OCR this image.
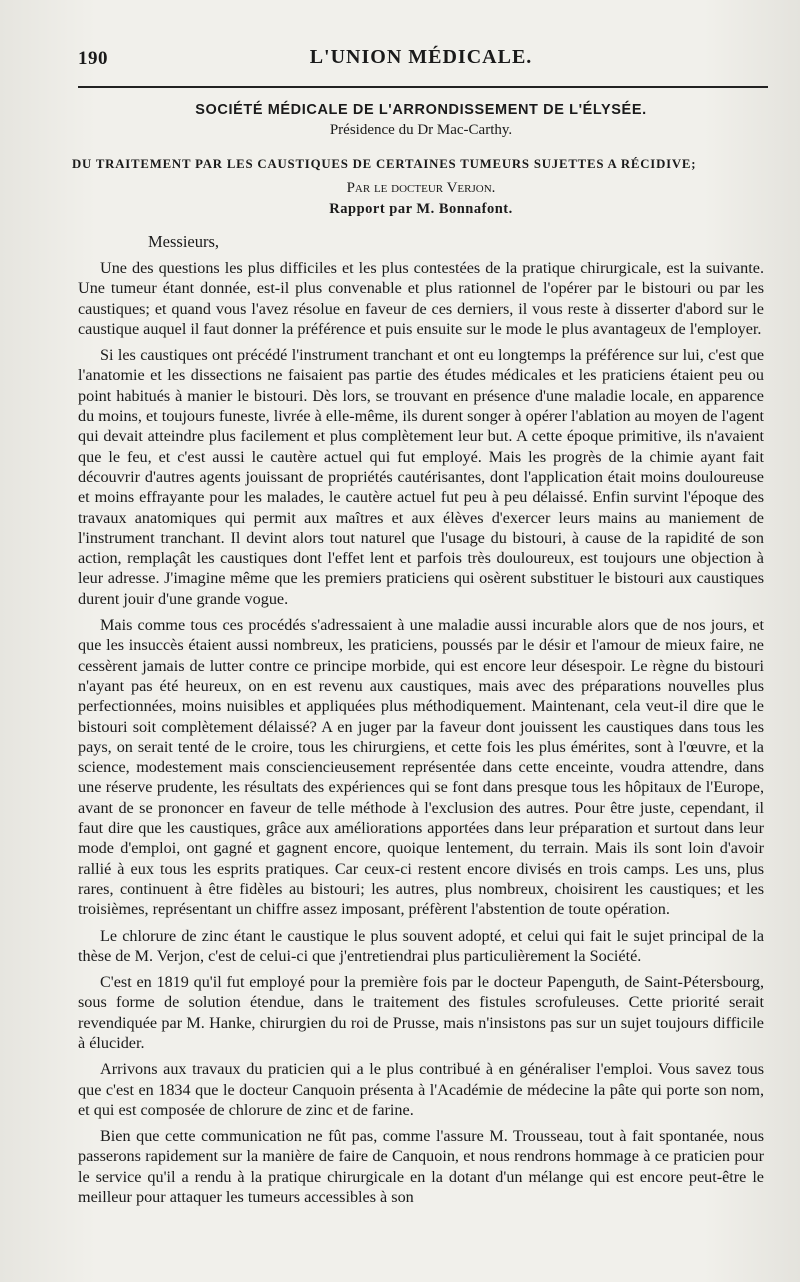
190	L'UNION MÉDICALE.
SOCIÉTÉ MÉDICALE DE L'ARRONDISSEMENT DE L'ÉLYSÉE.
Présidence du Dr Mac-Carthy.
DU TRAITEMENT PAR LES CAUSTIQUES DE CERTAINES TUMEURS SUJETTES A RÉCIDIVE;
Par le docteur Verjon.
Rapport par M. Bonnafont.
Messieurs,

Une des questions les plus difficiles et les plus contestées de la pratique chirurgicale, est la suivante. Une tumeur étant donnée, est-il plus convenable et plus rationnel de l'opérer par le bistouri ou par les caustiques; et quand vous l'avez résolue en faveur de ces derniers, il vous reste à disserter d'abord sur le caustique auquel il faut donner la préférence et puis ensuite sur le mode le plus avantageux de l'employer.

Si les caustiques ont précédé l'instrument tranchant et ont eu longtemps la préférence sur lui, c'est que l'anatomie et les dissections ne faisaient pas partie des études médicales et les praticiens étaient peu ou point habitués à manier le bistouri. Dès lors, se trouvant en présence d'une maladie locale, en apparence du moins, et toujours funeste, livrée à elle-même, ils durent songer à opérer l'ablation au moyen de l'agent qui devait atteindre plus facilement et plus complètement leur but. A cette époque primitive, ils n'avaient que le feu, et c'est aussi le cautère actuel qui fut employé. Mais les progrès de la chimie ayant fait découvrir d'autres agents jouissant de propriétés cautérisantes, dont l'application était moins douloureuse et moins effrayante pour les malades, le cautère actuel fut peu à peu délaissé. Enfin survint l'époque des travaux anatomiques qui permit aux maîtres et aux élèves d'exercer leurs mains au maniement de l'instrument tranchant. Il devint alors tout naturel que l'usage du bistouri, à cause de la rapidité de son action, remplaçât les caustiques dont l'effet lent et parfois très douloureux, est toujours une objection à leur adresse. J'imagine même que les premiers praticiens qui osèrent substituer le bistouri aux caustiques durent jouir d'une grande vogue.

Mais comme tous ces procédés s'adressaient à une maladie aussi incurable alors que de nos jours, et que les insuccès étaient aussi nombreux, les praticiens, poussés par le désir et l'amour de mieux faire, ne cessèrent jamais de lutter contre ce principe morbide, qui est encore leur désespoir. Le règne du bistouri n'ayant pas été heureux, on en est revenu aux caustiques, mais avec des préparations nouvelles plus perfectionnées, moins nuisibles et appliquées plus méthodiquement. Maintenant, cela veut-il dire que le bistouri soit complètement délaissé? A en juger par la faveur dont jouissent les caustiques dans tous les pays, on serait tenté de le croire, tous les chirurgiens, et cette fois les plus émérites, sont à l'œuvre, et la science, modestement mais consciencieusement représentée dans cette enceinte, voudra attendre, dans une réserve prudente, les résultats des expériences qui se font dans presque tous les hôpitaux de l'Europe, avant de se prononcer en faveur de telle méthode à l'exclusion des autres. Pour être juste, cependant, il faut dire que les caustiques, grâce aux améliorations apportées dans leur préparation et surtout dans leur mode d'emploi, ont gagné et gagnent encore, quoique lentement, du terrain. Mais ils sont loin d'avoir rallié à eux tous les esprits pratiques. Car ceux-ci restent encore divisés en trois camps. Les uns, plus rares, continuent à être fidèles au bistouri; les autres, plus nombreux, choisirent les caustiques; et les troisièmes, représentant un chiffre assez imposant, préfèrent l'abstention de toute opération.

Le chlorure de zinc étant le caustique le plus souvent adopté, et celui qui fait le sujet principal de la thèse de M. Verjon, c'est de celui-ci que j'entretiendrai plus particulièrement la Société.

C'est en 1819 qu'il fut employé pour la première fois par le docteur Papenguth, de Saint-Pétersbourg, sous forme de solution étendue, dans le traitement des fistules scrofuleuses. Cette priorité serait revendiquée par M. Hanke, chirurgien du roi de Prusse, mais n'insistons pas sur un sujet toujours difficile à élucider.

Arrivons aux travaux du praticien qui a le plus contribué à en généraliser l'emploi. Vous savez tous que c'est en 1834 que le docteur Canquoin présenta à l'Académie de médecine la pâte qui porte son nom, et qui est composée de chlorure de zinc et de farine.

Bien que cette communication ne fût pas, comme l'assure M. Trousseau, tout à fait spontanée, nous passerons rapidement sur la manière de faire de Canquoin, et nous rendrons hommage à ce praticien pour le service qu'il a rendu à la pratique chirurgicale en la dotant d'un mélange qui est encore peut-être le meilleur pour attaquer les tumeurs accessibles à son
